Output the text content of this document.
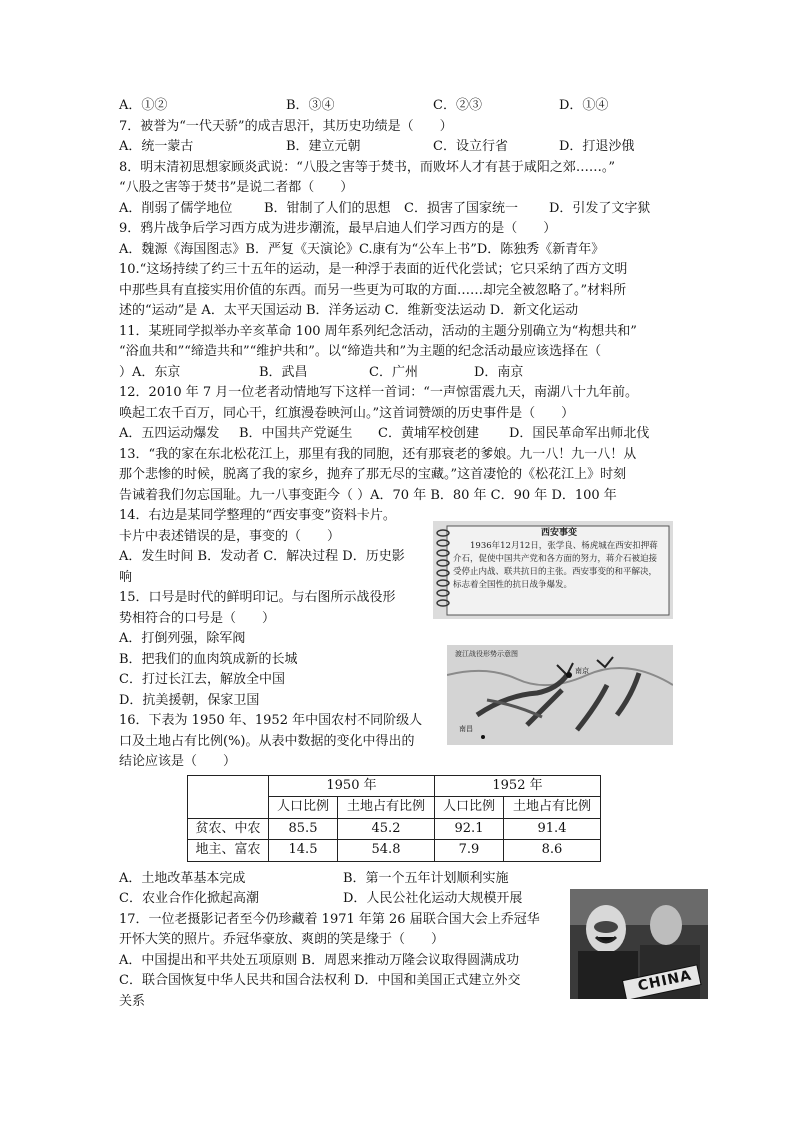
A．①②	B．③④	C．②③	D．①④
7．被誉为“一代天骄”的成吉思汗，其历史功绩是（　　）
A．统一蒙古	B．建立元朝	C．设立行省	D．打退沙俄
8．明末清初思想家顾炎武说：“八股之害等于焚书，而败坏人才有甚于咸阳之郊……。”
“八股之害等于焚书”是说二者都（　　）
A．削弱了儒学地位	B．钳制了人们的思想	C．损害了国家统一	D．引发了文字狱
9．鸦片战争后学习西方成为进步潮流，最早启迪人们学习西方的是（　　）
A．魏源《海国图志》B．严复《天演论》C.康有为“公车上书”D．陈独秀《新青年》
10.“这场持续了约三十五年的运动，是一种浮于表面的近代化尝试；它只采纳了西方文明
中那些具有直接实用价值的东西。而另一些更为可取的方面……却完全被忽略了。”材料所
述的“运动”是 A．太平天国运动 B．洋务运动 C．维新变法运动 D．新文化运动
11．某班同学拟举办辛亥革命 100 周年系列纪念活动，活动的主题分别确立为“构想共和”
“浴血共和”“缔造共和”“维护共和”。以“缔造共和”为主题的纪念活动最应该选择在（
）A．东京	B．武昌	C．广州	D．南京
12．2010 年 7 月一位老者动情地写下这样一首词：“一声惊雷震九天，南湖八十九年前。
唤起工农千百万，同心干，红旗漫卷映河山。”这首词赞颂的历史事件是（　　）
A．五四运动爆发	B．中国共产党诞生	C．黄埔军校创建	D．国民革命军出师北伐
13．“我的家在东北松花江上，那里有我的同胞，还有那衰老的爹娘。九一八！九一八！从
那个悲惨的时候，脱离了我的家乡，抛弃了那无尽的宝藏。”这首凄怆的《松花江上》时刻
告诫着我们勿忘国耻。九一八事变距今（ ）A．70 年 B．80 年 C．90 年 D．100 年
14．右边是某同学整理的“西安事变”资料卡片。
卡片中表述错误的是，事变的（　　）
A．发生时间 B．发动者 C．解决过程 D．历史影
响
15．口号是时代的鲜明印记。与右图所示战役形
势相符合的口号是（　　）
A．打倒列强，除军阀
B．把我们的血肉筑成新的长城
C．打过长江去，解放全中国
D．抗美援朝，保家卫国
16．下表为 1950 年、1952 年中国农村不同阶级人
口及土地占有比例(%)。从表中数据的变化中得出的
结论应该是（　　）
	1950 年		1952 年	
	人口比例	土地占有比例	人口比例	土地占有比例
贫农、中农	85.5	45.2	92.1	91.4
地主、富农	14.5	54.8	7.9	8.6
A．土地改革基本完成	B．第一个五年计划顺利实施
C．农业合作化掀起高潮	D．人民公社化运动大规模开展
17．一位老摄影记者至今仍珍藏着 1971 年第 26 届联合国大会上乔冠华
开怀大笑的照片。乔冠华豪放、爽朗的笑是缘于（　　）
A．中国提出和平共处五项原则 B．周恩来推动万隆会议取得圆满成功
C．联合国恢复中华人民共和国合法权利 D．中国和美国正式建立外交
关系
西安事变
1936年12月12日，张学良、杨虎城在西安扣押蒋介石，促使中国共产党和各方面的努力，蒋介石被迫接受停止内战、联共抗日的主张。西安事变的和平解决，标志着全国性的抗日战争爆发。
渡江战役形势示意图
南京
南昌
CHINA
